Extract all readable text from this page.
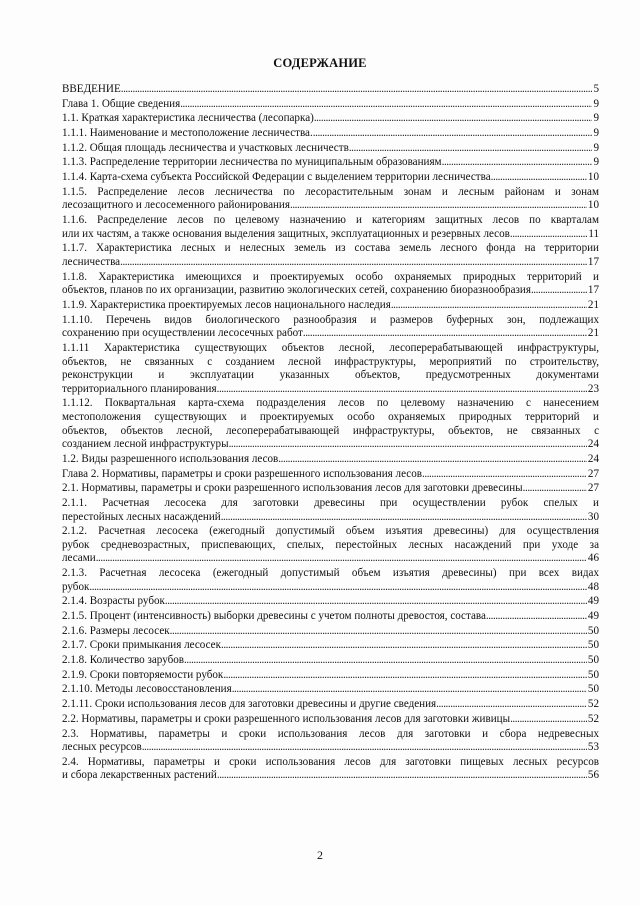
СОДЕРЖАНИЕ
ВВЕДЕНИЕ . . .	5
Глава 1. Общие сведения . . .	9
1.1. Краткая характеристика лесничества (лесопарка) . . .	9
1.1.1. Наименование и местоположение лесничества. . . .	9
1.1.2. Общая площадь лесничества и участковых лесничеств . . .	9
1.1.3. Распределение территории лесничества по муниципальным образованиям . . .	9
1.1.4. Карта-схема субъекта Российской Федерации с выделением территории лесничества . . .	10
1.1.5. Распределение лесов лесничества по лесорастительным зонам и лесным районам и зонам
лесозащитного и лесосеменного районирования . . .	10
1.1.6. Распределение лесов по целевому назначению и категориям защитных лесов по кварталам
или их частям, а также основания выделения защитных, эксплуатационных и резервных лесов . . .	11
1.1.7. Характеристика лесных и нелесных земель из состава земель лесного фонда на территории
лесничества . . .	17
1.1.8. Характеристика имеющихся и проектируемых особо охраняемых природных территорий и
объектов, планов по их организации, развитию экологических сетей, сохранению биоразнообразия . . .	17
1.1.9. Характеристика проектируемых лесов национального наследия . . .	21
1.1.10. Перечень видов биологического разнообразия и размеров буферных зон, подлежащих
сохранению при осуществлении лесосечных работ . . .	21
1.1.11 Характеристика существующих объектов лесной, лесоперерабатывающей инфраструктуры,
объектов, не связанных с созданием лесной инфраструктуры, мероприятий по строительству,
реконструкции и эксплуатации указанных объектов, предусмотренных документами
территориального планирования . . .	23
1.1.12. Поквартальная карта-схема подразделения лесов по целевому назначению с нанесением
местоположения существующих и проектируемых особо охраняемых природных территорий и
объектов, объектов лесной, лесоперерабатывающей инфраструктуры, объектов, не связанных с
созданием лесной инфраструктуры . . .	24
1.2. Виды разрешенного использования лесов . . .	24
Глава 2. Нормативы, параметры и сроки разрешенного использования лесов . . .	27
2.1. Нормативы, параметры и сроки разрешенного использования лесов для заготовки древесины . . .	27
2.1.1. Расчетная лесосека для заготовки древесины при осуществлении рубок спелых и
перестойных лесных насаждений . . .	30
2.1.2. Расчетная лесосека (ежегодный допустимый объем изъятия древесины) для осуществления
рубок средневозрастных, приспевающих, спелых, перестойных лесных насаждений при уходе за
лесами . . .	46
2.1.3. Расчетная лесосека (ежегодный допустимый объем изъятия древесины) при всех видах
рубок . . .	48
2.1.4. Возрасты рубок . . .	49
2.1.5. Процент (интенсивность) выборки древесины с учетом полноты древостоя, состава . . .	49
2.1.6. Размеры лесосек . . .	50
2.1.7. Сроки примыкания лесосек . . .	50
2.1.8. Количество зарубов . . .	50
2.1.9. Сроки повторяемости рубок . . .	50
2.1.10. Методы лесовосстановления . . .	50
2.1.11. Сроки использования лесов для заготовки древесины и другие сведения . . .	52
2.2. Нормативы, параметры и сроки разрешенного использования лесов для заготовки живицы . . .	52
2.3. Нормативы, параметры и сроки использования лесов для заготовки и сбора недревесных
лесных ресурсов . . .	53
2.4. Нормативы, параметры и сроки использования лесов для заготовки пищевых лесных ресурсов
и сбора лекарственных растений . . .	56
2
